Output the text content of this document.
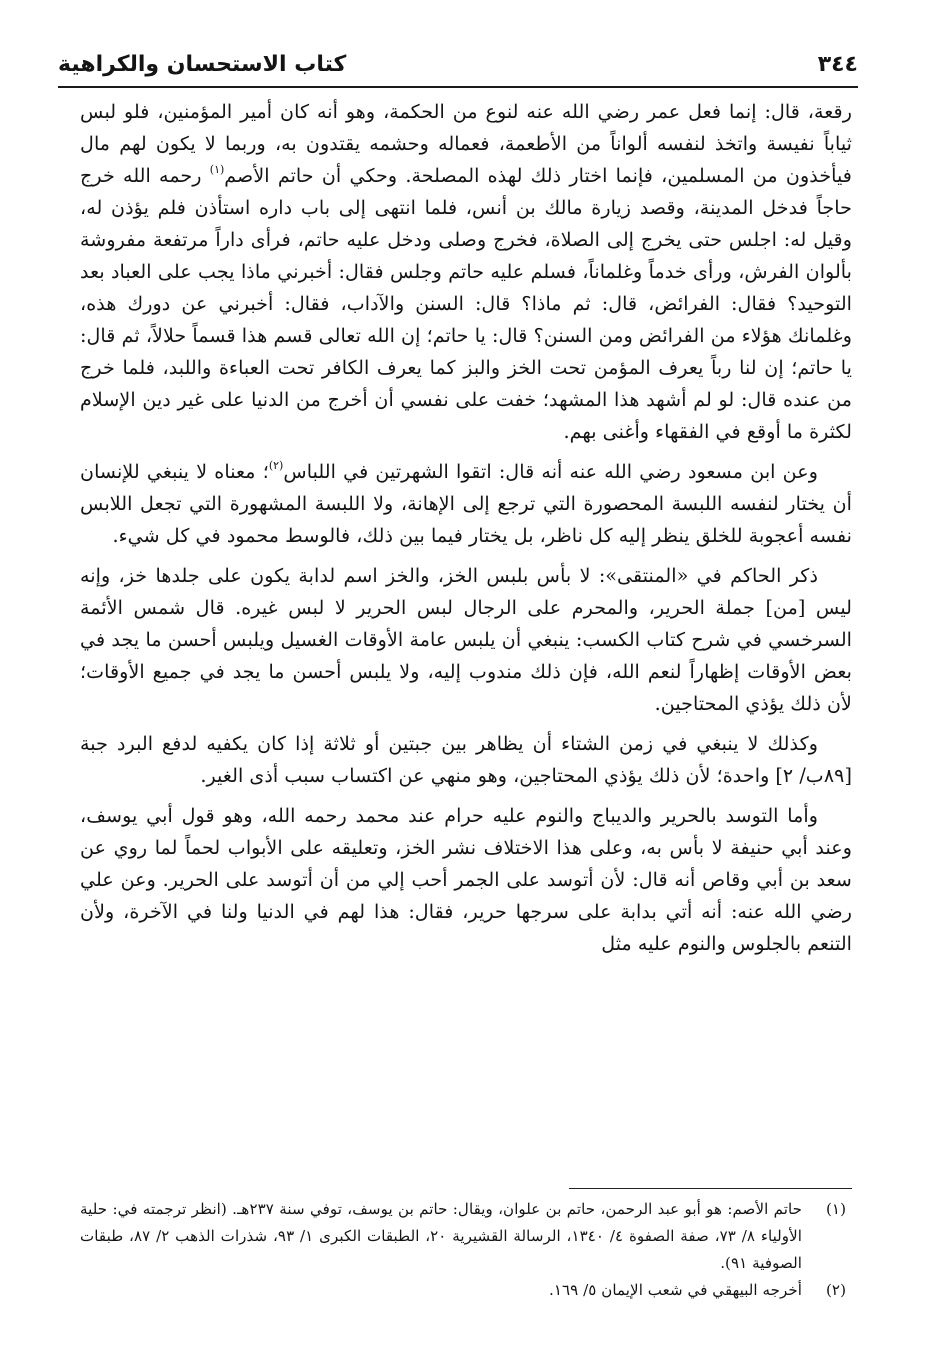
٣٤٤
كتاب الاستحسان والكراهية

رقعة، قال: إنما فعل عمر رضي الله عنه لنوع من الحكمة، وهو أنه كان أمير المؤمنين، فلو لبس ثياباً نفيسة واتخذ لنفسه ألواناً من الأطعمة، فعماله وحشمه يقتدون به، وربما لا يكون لهم مال فيأخذون من المسلمين، فإنما اختار ذلك لهذه المصلحة. وحكي أن حاتم الأصم$^{(١)}$ رحمه الله خرج حاجاً فدخل المدينة، وقصد زيارة مالك بن أنس، فلما انتهى إلى باب داره استأذن فلم يؤذن له، وقيل له: اجلس حتى يخرج إلى الصلاة، فخرج وصلى ودخل عليه حاتم، فرأى داراً مرتفعة مفروشة بألوان الفرش، ورأى خدماً وغلماناً، فسلم عليه حاتم وجلس فقال: أخبرني ماذا يجب على العباد بعد التوحيد؟ فقال: الفرائض، قال: ثم ماذا؟ قال: السنن والآداب، فقال: أخبرني عن دورك هذه، وغلمانك هؤلاء من الفرائض ومن السنن؟ قال: يا حاتم؛ إن الله تعالى قسم هذا قسماً حلالاً، ثم قال: يا حاتم؛ إن لنا رباً يعرف المؤمن تحت الخز والبز كما يعرف الكافر تحت العباءة واللبد، فلما خرج من عنده قال: لو لم أشهد هذا المشهد؛ خفت على نفسي أن أخرج من الدنيا على غير دين الإسلام لكثرة ما أوقع في الفقهاء وأغنى بهم.

وعن ابن مسعود رضي الله عنه أنه قال: اتقوا الشهرتين في اللباس$^{(٢)}$؛ معناه لا ينبغي للإنسان أن يختار لنفسه اللبسة المحصورة التي ترجع إلى الإهانة، ولا اللبسة المشهورة التي تجعل اللابس نفسه أعجوبة للخلق ينظر إليه كل ناظر، بل يختار فيما بين ذلك، فالوسط محمود في كل شيء.

ذكر الحاكم في «المنتقى»: لا بأس بلبس الخز، والخز اسم لدابة يكون على جلدها خز، وإنه ليس [من] جملة الحرير، والمحرم على الرجال لبس الحرير لا لبس غيره. قال شمس الأئمة السرخسي في شرح كتاب الكسب: ينبغي أن يلبس عامة الأوقات الغسيل ويلبس أحسن ما يجد في بعض الأوقات إظهاراً لنعم الله، فإن ذلك مندوب إليه، ولا يلبس أحسن ما يجد في جميع الأوقات؛ لأن ذلك يؤذي المحتاجين.

وكذلك لا ينبغي في زمن الشتاء أن يظاهر بين جبتين أو ثلاثة إذا كان يكفيه لدفع البرد جبة [٨٩ب/ ٢] واحدة؛ لأن ذلك يؤذي المحتاجين، وهو منهي عن اكتساب سبب أذى الغير.

وأما التوسد بالحرير والديباج والنوم عليه حرام عند محمد رحمه الله، وهو قول أبي يوسف، وعند أبي حنيفة لا بأس به، وعلى هذا الاختلاف نشر الخز، وتعليقه على الأبواب لحماً لما روي عن سعد بن أبي وقاص أنه قال: لأن أتوسد على الجمر أحب إلي من أن أتوسد على الحرير. وعن علي رضي الله عنه: أنه أتي بدابة على سرجها حرير، فقال: هذا لهم في الدنيا ولنا في الآخرة، ولأن التنعم بالجلوس والنوم عليه مثل

(١)
حاتم الأصم: هو أبو عبد الرحمن، حاتم بن علوان، ويقال: حاتم بن يوسف، توفي سنة ٢٣٧هـ. (انظر ترجمته في: حلية الأولياء ٨/ ٧٣، صفة الصفوة ٤/ ١٣٤٠، الرسالة القشيرية ٢٠، الطبقات الكبرى ١/ ٩٣، شذرات الذهب ٢/ ٨٧، طبقات الصوفية ٩١).
(٢)
أخرجه البيهقي في شعب الإيمان ٥/ ١٦٩.
